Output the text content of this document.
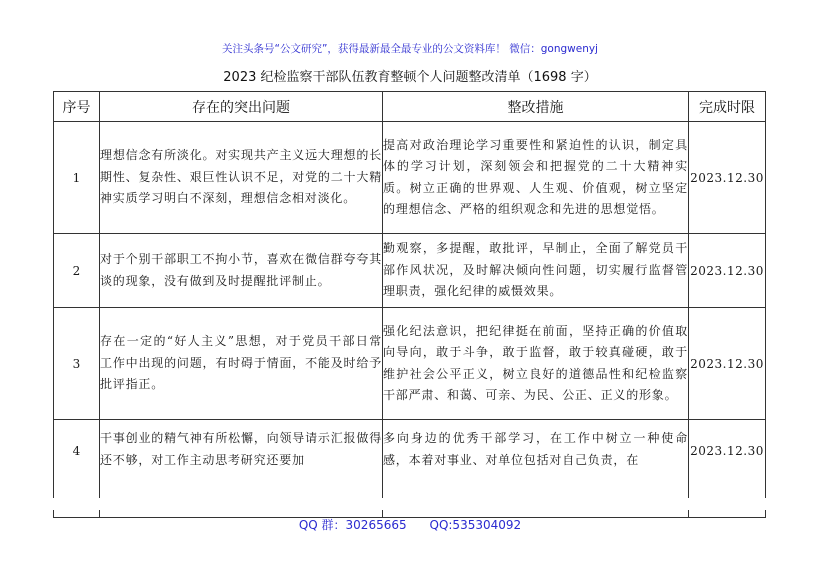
关注头条号“公文研究”，获得最新最全最专业的公文资料库！ 微信：gongwenyj
2023 纪检监察干部队伍教育整顿个人问题整改清单（1698 字）
序号	存在的突出问题	整改措施	完成时限
1	理想信念有所淡化。对实现共产主义远大理想的长期性、复杂性、艰巨性认识不足，对党的二十大精神实质学习明白不深刻，理想信念相对淡化。	提高对政治理论学习重要性和紧迫性的认识，制定具体的学习计划，深刻领会和把握党的二十大精神实质。树立正确的世界观、人生观、价值观，树立坚定的理想信念、严格的组织观念和先进的思想觉悟。	2023.12.30
2	对于个别干部职工不拘小节，喜欢在微信群夸夸其谈的现象，没有做到及时提醒批评制止。	勤观察，多提醒，敢批评，早制止，全面了解党员干部作风状况，及时解决倾向性问题，切实履行监督管理职责，强化纪律的威慑效果。	2023.12.30
3	存在一定的“好人主义”思想，对于党员干部日常工作中出现的问题，有时碍于情面，不能及时给予批评指正。	强化纪法意识，把纪律挺在前面，坚持正确的价值取向导向，敢于斗争，敢于监督，敢于较真碰硬，敢于维护社会公平正义，树立良好的道德品性和纪检监察干部严肃、和蔼、可亲、为民、公正、正义的形象。	2023.12.30
4	干事创业的精气神有所松懈，向领导请示汇报做得还不够，对工作主动思考研究还要加	多向身边的优秀干部学习，在工作中树立一种使命感，本着对事业、对单位包括对自己负责，在	2023.12.30
QQ 群：30265665      QQ:535304092
